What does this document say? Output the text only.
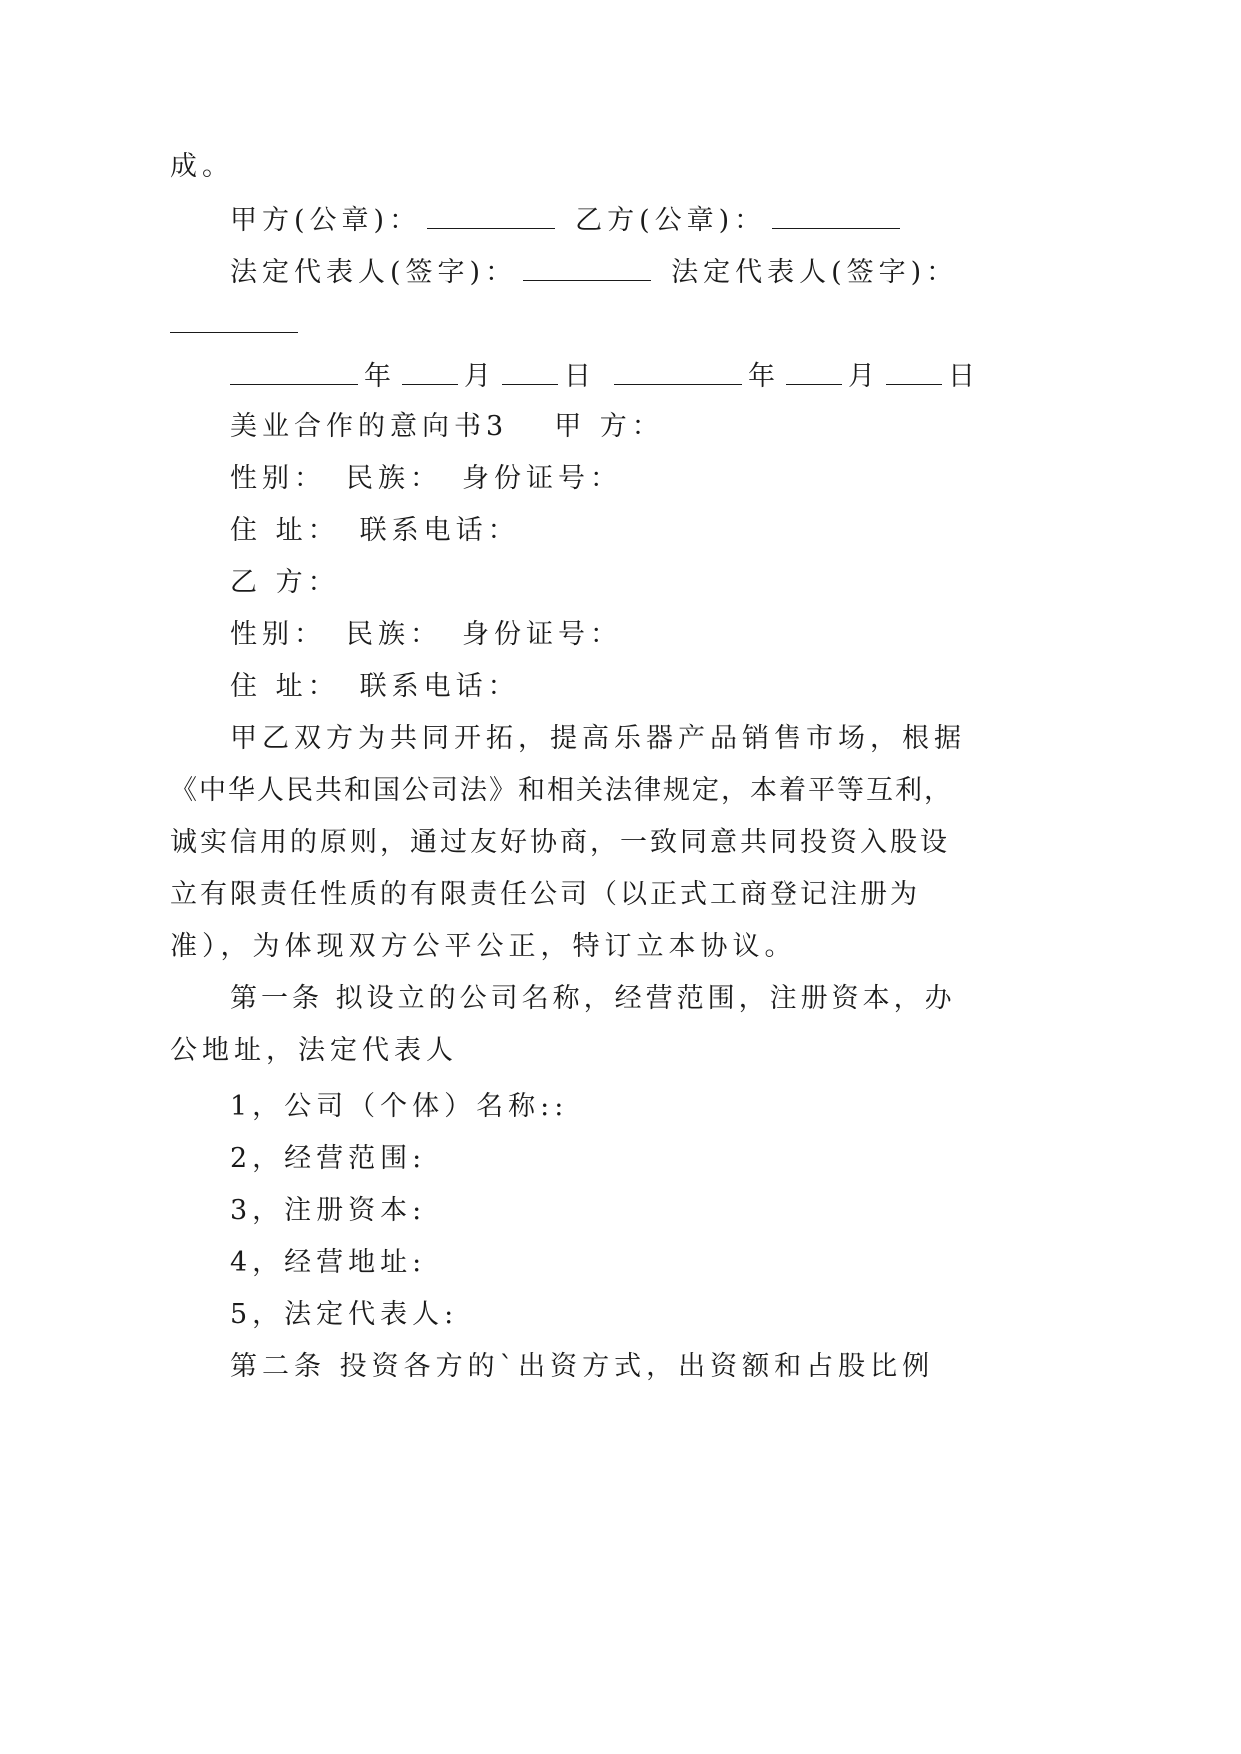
成。
甲方(公章)：	乙方(公章)：
法定代表人(签字)：	法定代表人(签字)：
年	月	日	年	月	日
美业合作的意向书3 甲 方：
性别： 民族： 身份证号：
住 址： 联系电话：
乙 方：
性别： 民族： 身份证号：
住 址： 联系电话：
甲乙双方为共同开拓，提高乐器产品销售市场，根据
《中华人民共和国公司法》和相关法律规定，本着平等互利，
诚实信用的原则，通过友好协商，一致同意共同投资入股设
立有限责任性质的有限责任公司（以正式工商登记注册为
准），为体现双方公平公正，特订立本协议。
第一条 拟设立的公司名称，经营范围，注册资本，办
公地址，法定代表人
1，公司（个体）名称::
2，经营范围:
3，注册资本:
4，经营地址:
5，法定代表人:
第二条 投资各方的`出资方式，出资额和占股比例
